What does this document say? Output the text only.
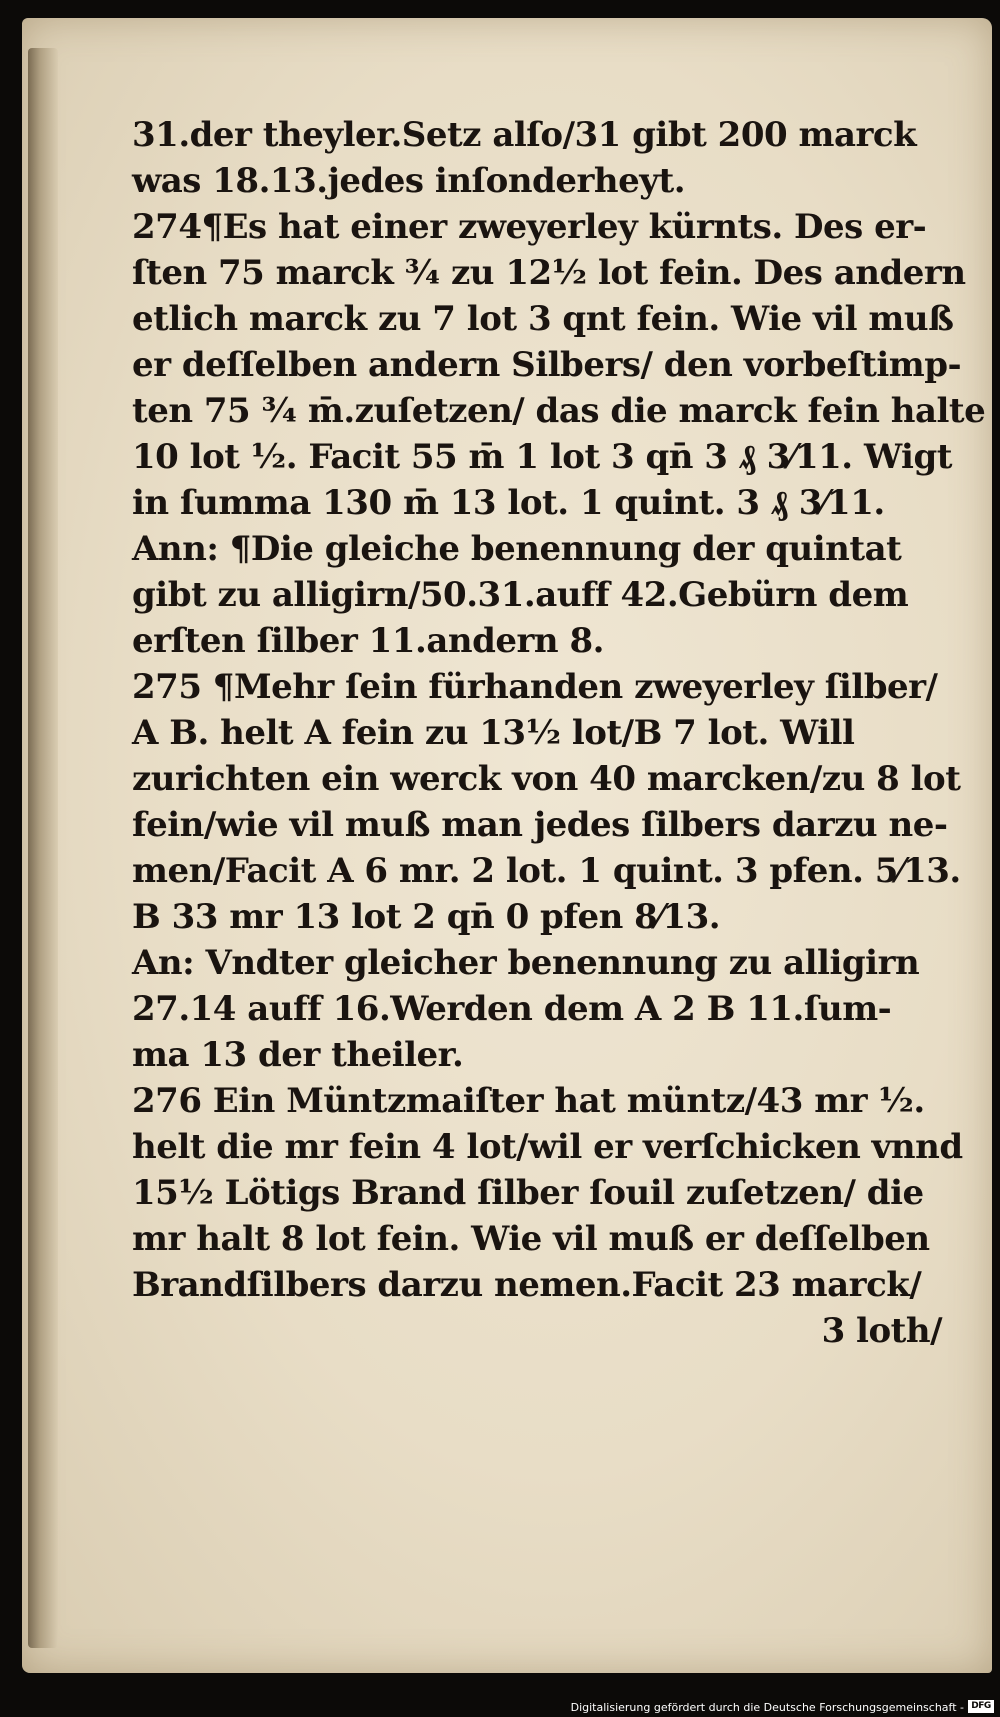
31.der theyler.Setz alſo/31 gibt 200 marck
was 18.13.jedes inſonderheyt.
274¶Es hat einer zweyerley kürnts. Des er-
ſten 75 marck ¾ zu 12½ lot fein. Des andern
etlich marck zu 7 lot 3 qnt fein. Wie vil muß
er deſſelben andern Silbers/ den vorbeſtimp-
ten 75 ¾ m̄.zuſetzen/ das die marck fein halte
10 lot ½. Facit 55 m̄ 1 lot 3 qn̄ 3 ₰ 3⁄11. Wigt
in ſumma 130 m̄ 13 lot. 1 quint. 3 ₰ 3⁄11.
Ann: ¶Die gleiche benennung der quintat
gibt zu alligirn/50.31.auff 42.Gebürn dem
erſten ſilber 11.andern 8.
275 ¶Mehr ſein fürhanden zweyerley ſilber/
A B. helt A fein zu 13½ lot/B 7 lot. Will
zurichten ein werck von 40 marcken/zu 8 lot
fein/wie vil muß man jedes ſilbers darzu ne-
men/Facit A 6 mr. 2 lot. 1 quint. 3 pfen. 5⁄13.
B 33 mr 13 lot 2 qn̄ 0 pfen 8⁄13.
An: Vndter gleicher benennung zu alligirn
27.14 auff 16.Werden dem A 2 B 11.ſum-
ma 13 der theiler.
276 Ein Müntzmaiſter hat müntz/43 mr ½.
helt die mr fein 4 lot/wil er verſchicken vnnd
15½ Lötigs Brand ſilber ſouil zuſetzen/ die
mr halt 8 lot fein. Wie vil muß er deſſelben
Brandſilbers darzu nemen.Facit 23 marck/
3 loth/
Digitalisierung gefördert durch die Deutsche Forschungsgemeinschaft - DFG
